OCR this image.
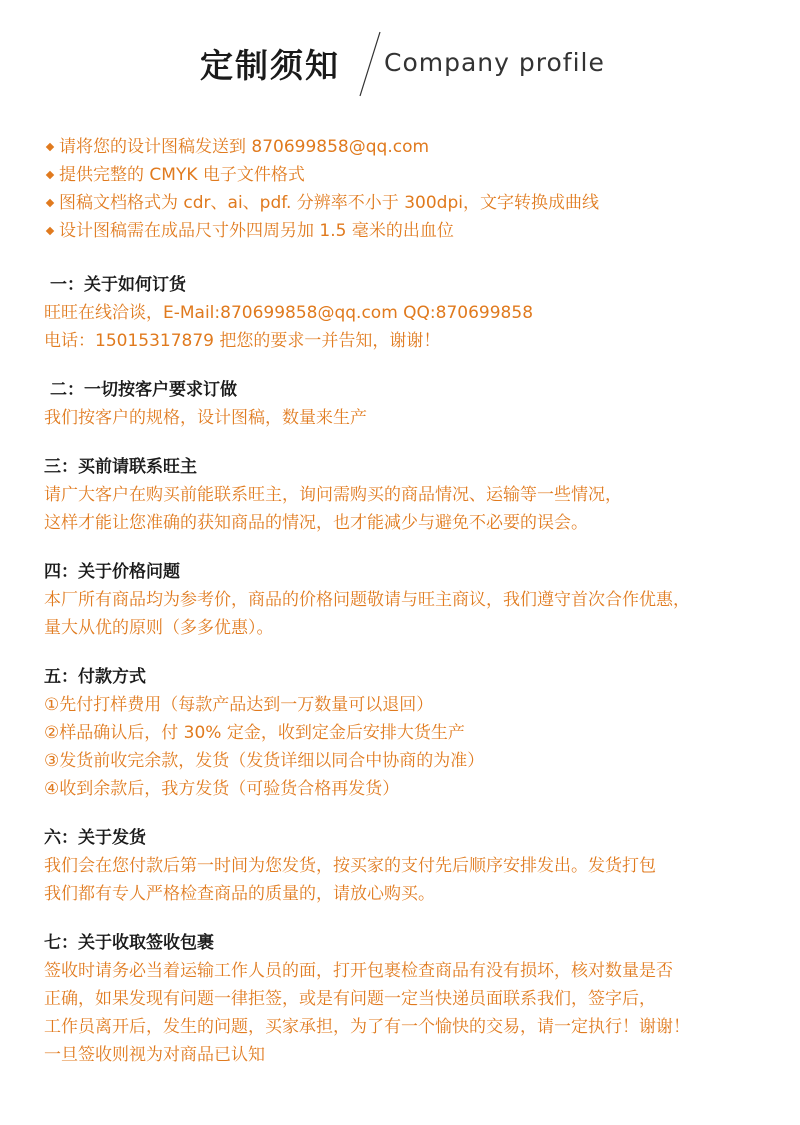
定制须知 Company profile
请将您的设计图稿发送到 870699858@qq.com
提供完整的 CMYK 电子文件格式
图稿文档格式为 cdr、ai、pdf. 分辨率不小于 300dpi，文字转换成曲线
设计图稿需在成品尺寸外四周另加 1.5 毫米的出血位
一：关于如何订货
旺旺在线洽谈，E-Mail:870699858@qq.com QQ:870699858
电话：15015317879 把您的要求一并告知，谢谢！
二：一切按客户要求订做
我们按客户的规格，设计图稿，数量来生产
三：买前请联系旺主
请广大客户在购买前能联系旺主，询问需购买的商品情况、运输等一些情况，
这样才能让您准确的获知商品的情况，也才能减少与避免不必要的误会。
四：关于价格问题
本厂所有商品均为参考价，商品的价格问题敬请与旺主商议，我们遵守首次合作优惠，
量大从优的原则（多多优惠）。
五：付款方式
①先付打样费用（每款产品达到一万数量可以退回）
②样品确认后，付 30% 定金，收到定金后安排大货生产
③发货前收完余款，发货（发货详细以同合中协商的为准）
④收到余款后，我方发货（可验货合格再发货）
六：关于发货
我们会在您付款后第一时间为您发货，按买家的支付先后顺序安排发出。发货打包
我们都有专人严格检查商品的质量的，请放心购买。
七：关于收取签收包裹
签收时请务必当着运输工作人员的面，打开包裹检查商品有没有损坏，核对数量是否
正确，如果发现有问题一律拒签，或是有问题一定当快递员面联系我们，签字后，
工作员离开后，发生的问题，买家承担，为了有一个愉快的交易，请一定执行！谢谢！
一旦签收则视为对商品已认知
